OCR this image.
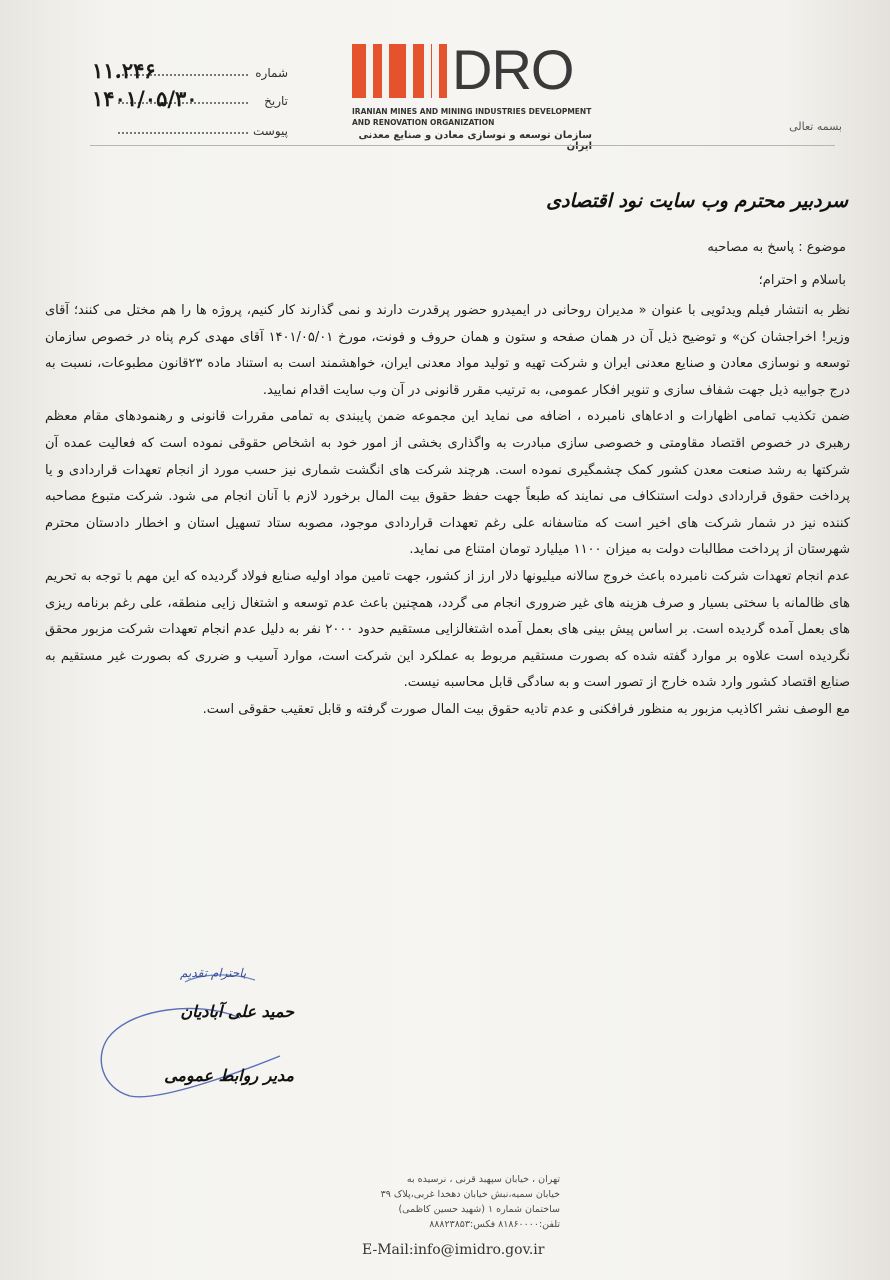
شماره
۱۱.۲۴۶
تاریخ
۱۴۰۱/۰۵/۳۰
پیوست
DRO
IRANIAN MINES AND MINING INDUSTRIES DEVELOPMENT AND RENOVATION ORGANIZATION
سازمان توسعه و نوسازی معادن و صنایع معدنی ایران
بسمه تعالی
سردبیر محترم وب سایت نود اقتصادی
موضوع : پاسخ به مصاحبه
باسلام و احترام؛

نظر به انتشار فیلم ویدئویی با عنوان « مدیران روحانی در ایمیدرو حضور پرقدرت دارند و نمی گذارند کار کنیم، پروژه ها را هم مختل می کنند؛ آقای وزیر! اخراجشان کن» و توضیح ذیل آن در همان صفحه و ستون و همان حروف و فونت، مورخ ۱۴۰۱/۰۵/۰۱ آقای مهدی کرم پناه در خصوص سازمان توسعه و نوسازی معادن و صنایع معدنی ایران و شرکت تهیه و تولید مواد معدنی ایران، خواهشمند است به استناد ماده ۲۳قانون مطبوعات، نسبت به درج جوابیه ذیل جهت شفاف سازی و تنویر افکار عمومی، به ترتیب مقرر قانونی در آن وب سایت اقدام نمایید.

ضمن تکذیب تمامی اظهارات و ادعاهای نامبرده ، اضافه می نماید این مجموعه ضمن پایبندی به تمامی مقررات قانونی و رهنمودهای مقام معظم رهبری در خصوص اقتصاد مقاومتی و خصوصی سازی مبادرت به واگذاری بخشی از امور خود به اشخاص حقوقی نموده است که فعالیت عمده آن شرکتها به رشد صنعت معدن کشور کمک چشمگیری نموده است. هرچند شرکت های انگشت شماری نیز حسب مورد از انجام تعهدات قراردادی و یا پرداخت حقوق قراردادی دولت استنکاف می نمایند که طبعاً جهت حفظ حقوق بیت المال برخورد لازم با آنان انجام می شود. شرکت متبوع مصاحبه کننده نیز در شمار شرکت های اخیر است که متاسفانه علی رغم تعهدات قراردادی موجود، مصوبه ستاد تسهیل استان و اخطار دادستان محترم شهرستان از پرداخت مطالبات دولت به میزان ۱۱۰۰ میلیارد تومان امتناع می نماید.

عدم انجام تعهدات شرکت نامبرده باعث خروج سالانه میلیونها دلار ارز از کشور، جهت تامین مواد اولیه صنایع فولاد گردیده که این مهم با توجه به تحریم های ظالمانه با سختی بسیار و صرف هزینه های غیر ضروری انجام می گردد، همچنین باعث عدم توسعه و اشتغال زایی منطقه، علی رغم برنامه ریزی های بعمل آمده گردیده است. بر اساس پیش بینی های بعمل آمده اشتغالزایی مستقیم حدود ۲۰۰۰ نفر به دلیل عدم انجام تعهدات شرکت مزبور محقق نگردیده است علاوه بر موارد گفته شده که بصورت مستقیم مربوط به عملکرد این شرکت است، موارد آسیب و ضرری که بصورت غیر مستقیم به صنایع اقتصاد کشور وارد شده خارج از تصور است و به سادگی قابل محاسبه نیست.

مع الوصف نشر اکاذیب مزبور به منظور فرافکنی و عدم تادیه حقوق بیت المال صورت گرفته و قابل تعقیب حقوقی است.

باحترام تقدیم
حمید علی آبادیان
مدیر روابط عمومی
تهران ، خیابان سپهبد قرنی ، نرسیده به
خیابان سمیه،نبش خیابان دهخدا غربی،پلاک ۳۹
ساختمان شماره ۱ (شهید حسین کاظمی)
تلفن:۸۱۸۶۰۰۰۰ فکس:۸۸۸۲۳۸۵۳
E-Mail:info@imidro.gov.ir
